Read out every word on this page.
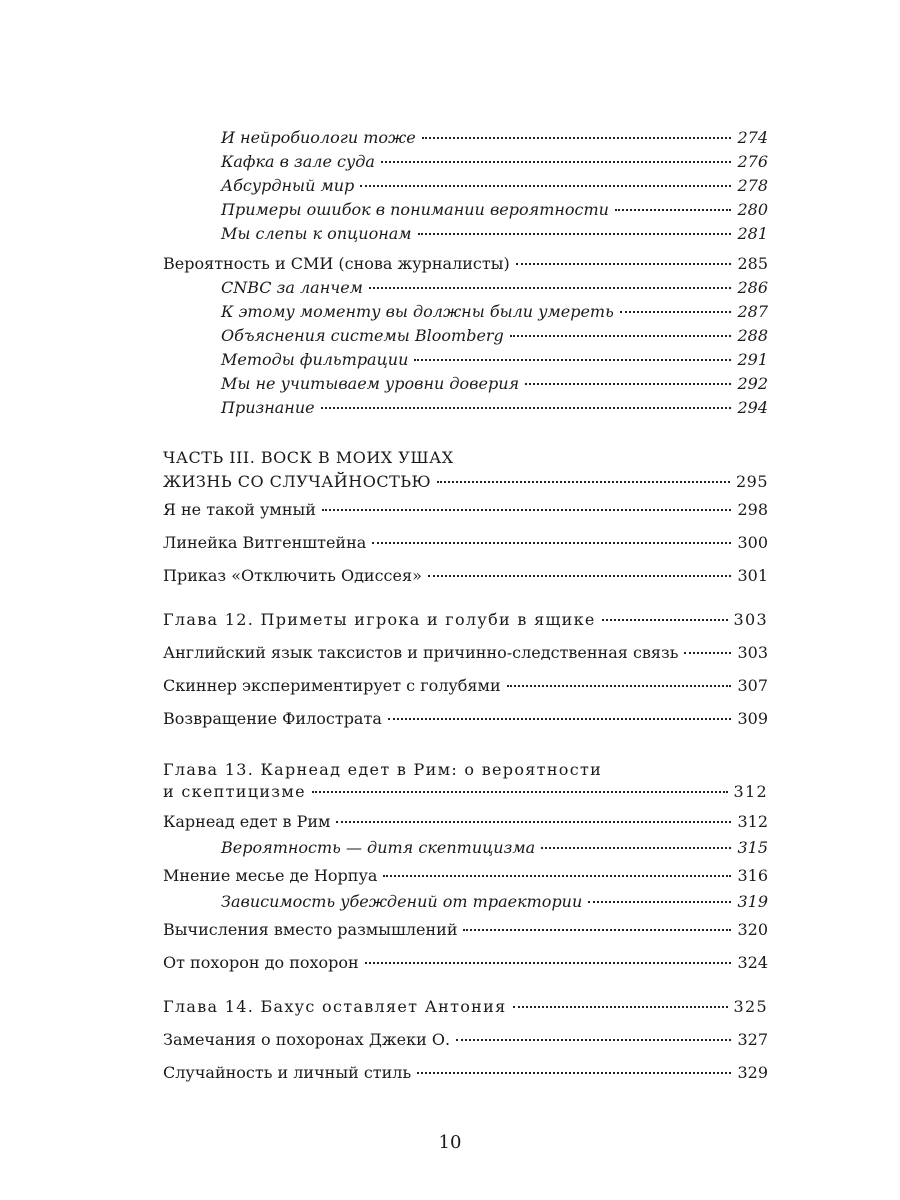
И нейробиологи тоже	274
Кафка в зале суда	276
Абсурдный мир	278
Примеры ошибок в понимании вероятности	280
Мы слепы к опционам	281
Вероятность и СМИ (снова журналисты)	285
CNBC за ланчем	286
К этому моменту вы должны были умереть	287
Объяснения системы Bloomberg	288
Методы фильтрации	291
Мы не учитываем уровни доверия	292
Признание	294
ЧАСТЬ III. ВОСК В МОИХ УШАХ
ЖИЗНЬ СО СЛУЧАЙНОСТЬЮ	295
Я не такой умный	298
Линейка Витгенштейна	300
Приказ «Отключить Одиссея»	301
Глава 12. Приметы игрока и голуби в ящике	303
Английский язык таксистов и причинно-следственная связь	303
Скиннер экспериментирует с голубями	307
Возвращение Филострата	309
Глава 13. Карнеад едет в Рим: о вероятности
и скептицизме	312
Карнеад едет в Рим	312
Вероятность — дитя скептицизма	315
Мнение месье де Норпуа	316
Зависимость убеждений от траектории	319
Вычисления вместо размышлений	320
От похорон до похорон	324
Глава 14. Бахус оставляет Антония	325
Замечания о похоронах Джеки О.	327
Случайность и личный стиль	329
10
